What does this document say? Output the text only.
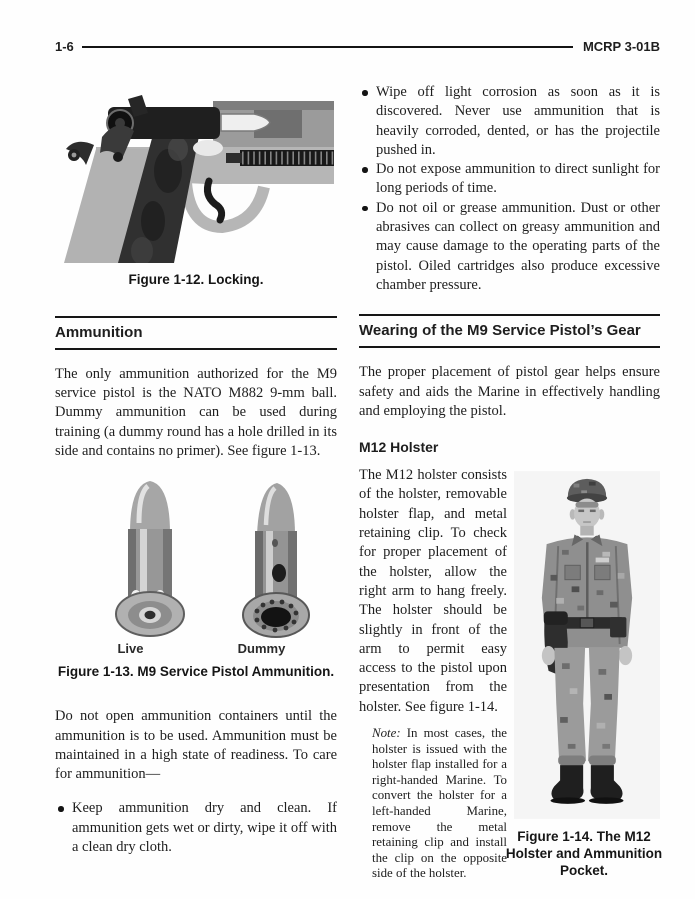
1-6	MCRP 3-01B
Figure 1-12. Locking.
Ammunition

The only ammunition authorized for the M9 service pistol is the NATO M882 9-mm ball. Dummy ammunition can be used during training (a dummy round has a hole drilled in its side and contains no primer). See figure 1-13.

Live	Dummy
Figure 1-13. M9 Service Pistol Ammunition.

Do not open ammunition containers until the ammunition is to be used. Ammunition must be maintained in a high state of readiness. To care for ammunition—

Keep ammunition dry and clean. If ammunition gets wet or dirty, wipe it off with a clean dry cloth.
Wipe off light corrosion as soon as it is discovered. Never use ammunition that is heavily corroded, dented, or has the projectile pushed in.
Do not expose ammunition to direct sunlight for long periods of time.
Do not oil or grease ammunition. Dust or other abrasives can collect on greasy ammunition and may cause damage to the operating parts of the pistol. Oiled cartridges also produce excessive chamber pressure.
Wearing of the M9 Service Pistol’s Gear

The proper placement of pistol gear helps ensure safety and aids the Marine in effectively handling and employing the pistol.

M12 Holster

The M12 holster consists of the holster, removable holster flap, and metal retaining clip. To check for proper placement of the holster, allow the right arm to hang freely. The holster should be slightly in front of the arm to permit easy access to the pistol upon presentation from the holster. See figure 1-14.

Note: In most cases, the holster is issued with the holster flap installed for a right-handed Marine. To convert the holster for a left-handed Marine, remove the metal retaining clip and install the clip on the opposite side of the holster.

Figure 1-14. The M12 Holster and Ammunition Pocket.
